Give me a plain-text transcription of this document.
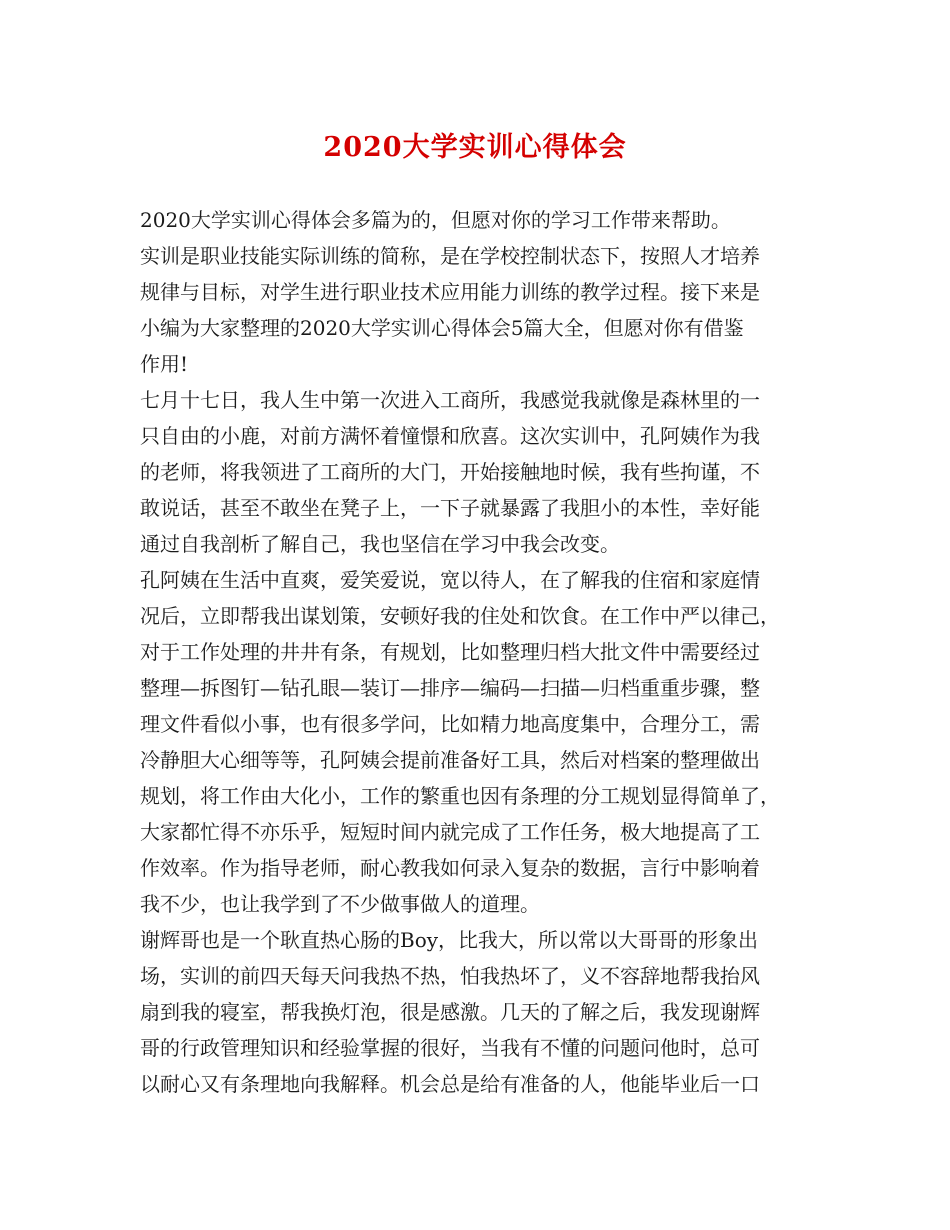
2020大学实训心得体会
2020大学实训心得体会多篇为的，但愿对你的学习工作带来帮助。
实训是职业技能实际训练的简称，是在学校控制状态下，按照人才培养
规律与目标，对学生进行职业技术应用能力训练的教学过程。接下来是
小编为大家整理的2020大学实训心得体会5篇大全，但愿对你有借鉴
作用!
七月十七日，我人生中第一次进入工商所，我感觉我就像是森林里的一
只自由的小鹿，对前方满怀着憧憬和欣喜。这次实训中，孔阿姨作为我
的老师，将我领进了工商所的大门，开始接触地时候，我有些拘谨，不
敢说话，甚至不敢坐在凳子上，一下子就暴露了我胆小的本性，幸好能
通过自我剖析了解自己，我也坚信在学习中我会改变。
孔阿姨在生活中直爽，爱笑爱说，宽以待人，在了解我的住宿和家庭情
况后，立即帮我出谋划策，安顿好我的住处和饮食。在工作中严以律己，
对于工作处理的井井有条，有规划，比如整理归档大批文件中需要经过
整理—拆图钉—钻孔眼—装订—排序—编码—扫描—归档重重步骤，整
理文件看似小事，也有很多学问，比如精力地高度集中，合理分工，需
冷静胆大心细等等，孔阿姨会提前准备好工具，然后对档案的整理做出
规划，将工作由大化小，工作的繁重也因有条理的分工规划显得简单了，
大家都忙得不亦乐乎，短短时间内就完成了工作任务，极大地提高了工
作效率。作为指导老师，耐心教我如何录入复杂的数据，言行中影响着
我不少，也让我学到了不少做事做人的道理。
谢辉哥也是一个耿直热心肠的Boy，比我大，所以常以大哥哥的形象出
场，实训的前四天每天问我热不热，怕我热坏了，义不容辞地帮我抬风
扇到我的寝室，帮我换灯泡，很是感激。几天的了解之后，我发现谢辉
哥的行政管理知识和经验掌握的很好，当我有不懂的问题问他时，总可
以耐心又有条理地向我解释。机会总是给有准备的人，他能毕业后一口
